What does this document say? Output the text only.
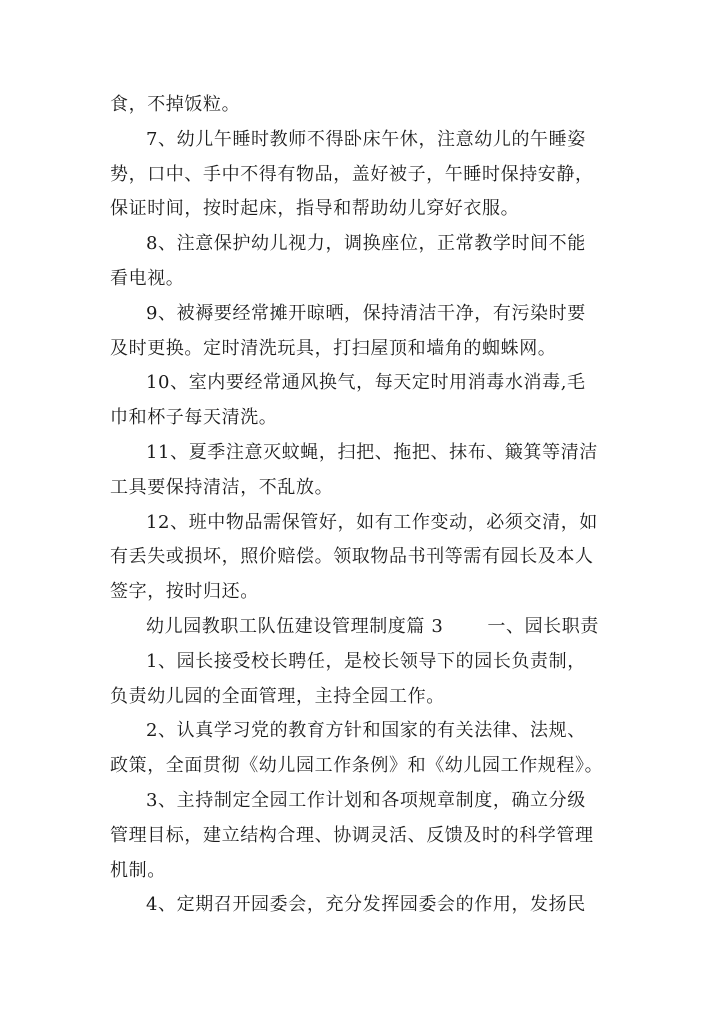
食，不掉饭粒。
7、幼儿午睡时教师不得卧床午休，注意幼儿的午睡姿
势，口中、手中不得有物品，盖好被子，午睡时保持安静，
保证时间，按时起床，指导和帮助幼儿穿好衣服。
8、注意保护幼儿视力，调换座位，正常教学时间不能
看电视。
9、被褥要经常摊开晾晒，保持清洁干净，有污染时要
及时更换。定时清洗玩具，打扫屋顶和墙角的蜘蛛网。
10、室内要经常通风换气，每天定时用消毒水消毒,毛
巾和杯子每天清洗。
11、夏季注意灭蚊蝇，扫把、拖把、抹布、簸箕等清洁
工具要保持清洁，不乱放。
12、班中物品需保管好，如有工作变动，必须交清，如
有丢失或损坏，照价赔偿。领取物品书刊等需有园长及本人
签字，按时归还。
幼儿园教职工队伍建设管理制度篇 3 一、园长职责
1、园长接受校长聘任，是校长领导下的园长负责制，
负责幼儿园的全面管理，主持全园工作。
2、认真学习党的教育方针和国家的有关法律、法规、
政策，全面贯彻《幼儿园工作条例》和《幼儿园工作规程》。
3、主持制定全园工作计划和各项规章制度，确立分级
管理目标，建立结构合理、协调灵活、反馈及时的科学管理
机制。
4、定期召开园委会，充分发挥园委会的作用，发扬民
